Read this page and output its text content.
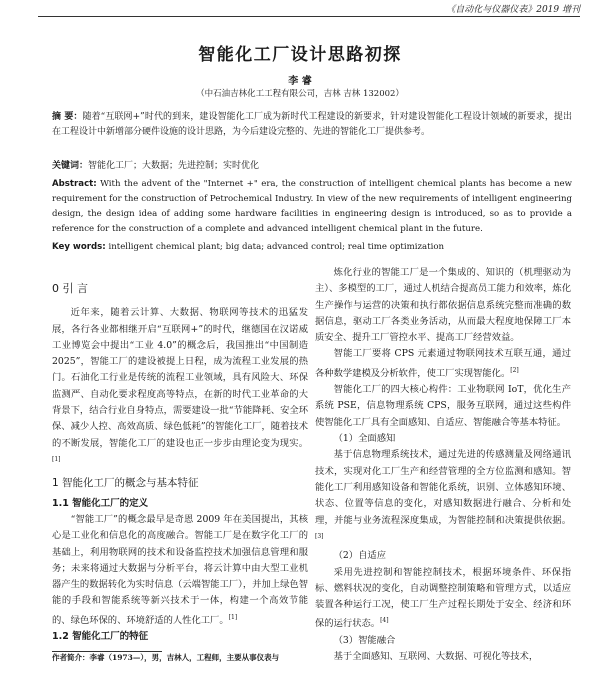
《自动化与仪器仪表》2019 增刊
智能化工厂设计思路初探
李 睿
（中石油吉林化工工程有限公司，吉林 吉林 132002）
摘 要：随着“互联网+”时代的到来，建设智能化工厂成为新时代工程建设的新要求，针对建设智能化工程设计领域的新要求，提出在工程设计中新增部分硬件设施的设计思路，为今后建设完整的、先进的智能化工厂提供参考。
关键词：智能化工厂；大数据；先进控制；实时优化
Abstract: With the advent of the "Internet +" era, the construction of intelligent chemical plants has become a new requirement for the construction of Petrochemical Industry. In view of the new requirements of intelligent engineering design, the design idea of adding some hardware facilities in engineering design is introduced, so as to provide a reference for the construction of a complete and advanced intelligent chemical plant in the future.
Key words: intelligent chemical plant; big data; advanced control; real time optimization

0 引 言

近年来，随着云计算、大数据、物联网等技术的迅猛发展，各行各业都相继开启“互联网+”的时代，继德国在汉诺威工业博览会中提出“工业 4.0”的概念后，我国推出“中国制造 2025”，智能工厂的建设被提上日程，成为流程工业发展的热门。石油化工行业是传统的流程工业领域，具有风险大、环保监测严、自动化要求程度高等特点，在新的时代工业革命的大背景下，结合行业自身特点，需要建设一批“节能降耗、安全环保、减少人控、高效高质、绿色低耗”的智能化工厂，随着技术的不断发展，智能化工厂的建设也正一步步由理论变为现实。[1]

1 智能化工厂的概念与基本特征

1.1 智能化工厂的定义

“智能工厂”的概念最早是奇恩 2009 年在美国提出，其核心是工业化和信息化的高度融合。智能工厂是在数字化工厂的基础上，利用物联网的技术和设备监控技术加强信息管理和服务；未来将通过大数据与分析平台，将云计算中由大型工业机器产生的数据转化为实时信息（云端智能工厂），并加上绿色智能的手段和智能系统等新兴技术于一体，构建一个高效节能的、绿色环保的、环境舒适的人性化工厂。[1]

1.2 智能化工厂的特征

作者简介：李睿（1973—），男，吉林人，工程师，主要从事仪表与

炼化行业的智能工厂是一个集成的、知识的（机理驱动为主）、多模型的工厂，通过人机结合提高员工能力和效率，炼化生产操作与运营的决策和执行都依据信息系统完整而准确的数据信息，驱动工厂各类业务活动，从而最大程度地保障工厂本质安全、提升工厂管控水平、提高工厂经营效益。

智能工厂要将 CPS 元素通过物联网技术互联互通，通过各种数学建模及分析软件，使工厂实现智能化。[2]

智能化工厂的四大核心构件：工业物联网 IoT，优化生产系统 PSE，信息物理系统 CPS，服务互联网，通过这些构件使智能化工厂具有全面感知、自适应、智能融合等基本特征。

（1）全面感知

基于信息物理系统技术，通过先进的传感测量及网络通讯技术，实现对化工厂生产和经营管理的全方位监测和感知。智能化工厂利用感知设备和智能化系统，识别、立体感知环境、状态、位置等信息的变化，对感知数据进行融合、分析和处理，并能与业务流程深度集成，为智能控制和决策提供依据。[3]

（2）自适应

采用先进控制和智能控制技术，根据环境条件、环保指标、燃料状况的变化，自动调整控制策略和管理方式，以适应装置各种运行工况，使工厂生产过程长期处于安全、经济和环保的运行状态。[4]

（3）智能融合

基于全面感知、互联网、大数据、可视化等技术，
